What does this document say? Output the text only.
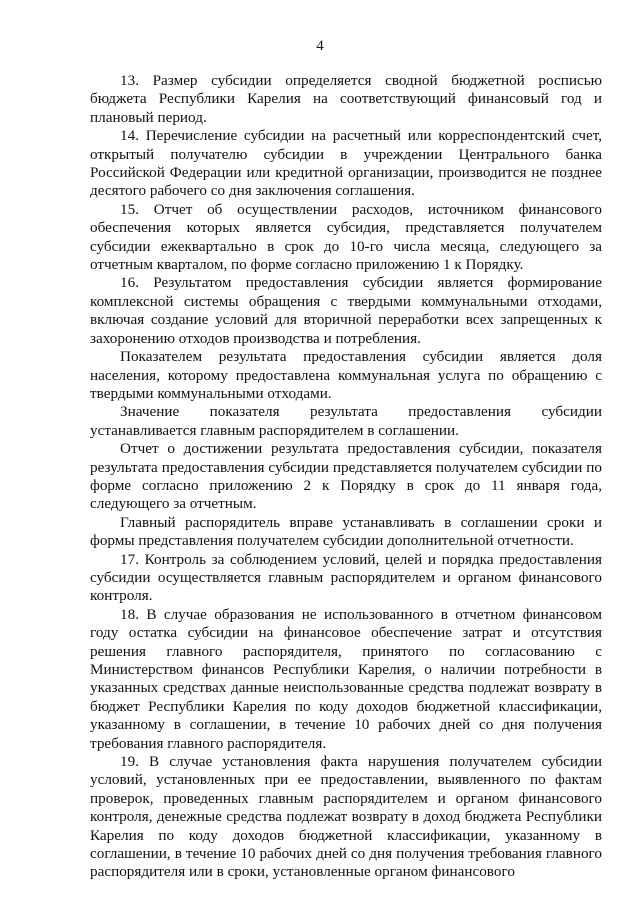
4

13. Размер субсидии определяется сводной бюджетной росписью бюджета Республики Карелия на соответствующий финансовый год и плановый период.

14. Перечисление субсидии на расчетный или корреспондентский счет, открытый получателю субсидии в учреждении Центрального банка Российской Федерации или кредитной организации, производится не позднее десятого рабочего со дня заключения соглашения.

15. Отчет об осуществлении расходов, источником финансового обеспечения которых является субсидия, представляется получателем субсидии ежеквартально в срок до 10-го числа месяца, следующего за отчетным кварталом, по форме согласно приложению 1 к Порядку.

16. Результатом предоставления субсидии является формирование комплексной системы обращения с твердыми коммунальными отходами, включая создание условий для вторичной переработки всех запрещенных к захоронению отходов производства и потребления.

Показателем результата предоставления субсидии является доля населения, которому предоставлена коммунальная услуга по обращению с твердыми коммунальными отходами.

Значение показателя результата предоставления субсидии устанавливается главным распорядителем в соглашении.

Отчет о достижении результата предоставления субсидии, показателя результата предоставления субсидии представляется получателем субсидии по форме согласно приложению 2 к Порядку в срок до 11 января года, следующего за отчетным.

Главный распорядитель вправе устанавливать в соглашении сроки и формы представления получателем субсидии дополнительной отчетности.

17. Контроль за соблюдением условий, целей и порядка предоставления субсидии осуществляется главным распорядителем и органом финансового контроля.

18. В случае образования не использованного в отчетном финансовом году остатка субсидии на финансовое обеспечение затрат и отсутствия решения главного распорядителя, принятого по согласованию с Министерством финансов Республики Карелия, о наличии потребности в указанных средствах данные неиспользованные средства подлежат возврату в бюджет Республики Карелия по коду доходов бюджетной классификации, указанному в соглашении, в течение 10 рабочих дней со дня получения требования главного распорядителя.

19. В случае установления факта нарушения получателем субсидии условий, установленных при ее предоставлении, выявленного по фактам проверок, проведенных главным распорядителем и органом финансового контроля, денежные средства подлежат возврату в доход бюджета Республики Карелия по коду доходов бюджетной классификации, указанному в соглашении, в течение 10 рабочих дней со дня получения требования главного распорядителя или в сроки, установленные органом финансового
